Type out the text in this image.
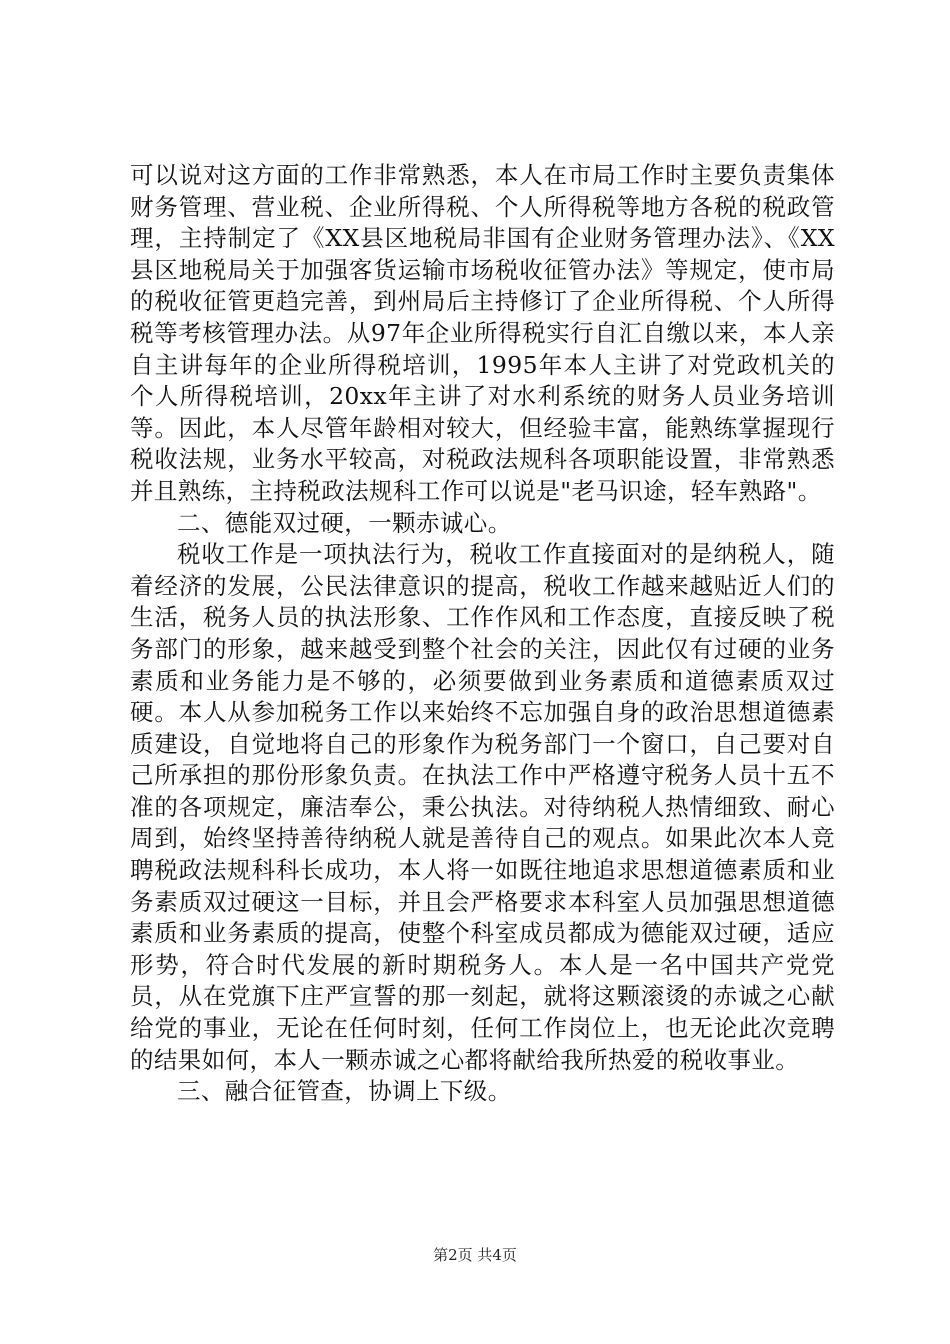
可以说对这方面的工作非常熟悉，本人在市局工作时主要负责集体财务管理、营业税、企业所得税、个人所得税等地方各税的税政管理，主持制定了《XX县区地税局非国有企业财务管理办法》、《XX县区地税局关于加强客货运输市场税收征管办法》等规定，使市局的税收征管更趋完善，到州局后主持修订了企业所得税、个人所得税等考核管理办法。从97年企业所得税实行自汇自缴以来，本人亲自主讲每年的企业所得税培训，1995年本人主讲了对党政机关的个人所得税培训，20xx年主讲了对水利系统的财务人员业务培训等。因此，本人尽管年龄相对较大，但经验丰富，能熟练掌握现行税收法规，业务水平较高，对税政法规科各项职能设置，非常熟悉并且熟练，主持税政法规科工作可以说是"老马识途，轻车熟路"。

二、德能双过硬，一颗赤诚心。

税收工作是一项执法行为，税收工作直接面对的是纳税人，随着经济的发展，公民法律意识的提高，税收工作越来越贴近人们的生活，税务人员的执法形象、工作作风和工作态度，直接反映了税务部门的形象，越来越受到整个社会的关注，因此仅有过硬的业务素质和业务能力是不够的，必须要做到业务素质和道德素质双过硬。本人从参加税务工作以来始终不忘加强自身的政治思想道德素质建设，自觉地将自己的形象作为税务部门一个窗口，自己要对自己所承担的那份形象负责。在执法工作中严格遵守税务人员十五不准的各项规定，廉洁奉公，秉公执法。对待纳税人热情细致、耐心周到，始终坚持善待纳税人就是善待自己的观点。如果此次本人竞聘税政法规科科长成功，本人将一如既往地追求思想道德素质和业务素质双过硬这一目标，并且会严格要求本科室人员加强思想道德素质和业务素质的提高，使整个科室成员都成为德能双过硬，适应形势，符合时代发展的新时期税务人。本人是一名中国共产党党员，从在党旗下庄严宣誓的那一刻起，就将这颗滚烫的赤诚之心献给党的事业，无论在任何时刻，任何工作岗位上，也无论此次竞聘的结果如何，本人一颗赤诚之心都将献给我所热爱的税收事业。

三、融合征管查，协调上下级。

第2页 共4页
